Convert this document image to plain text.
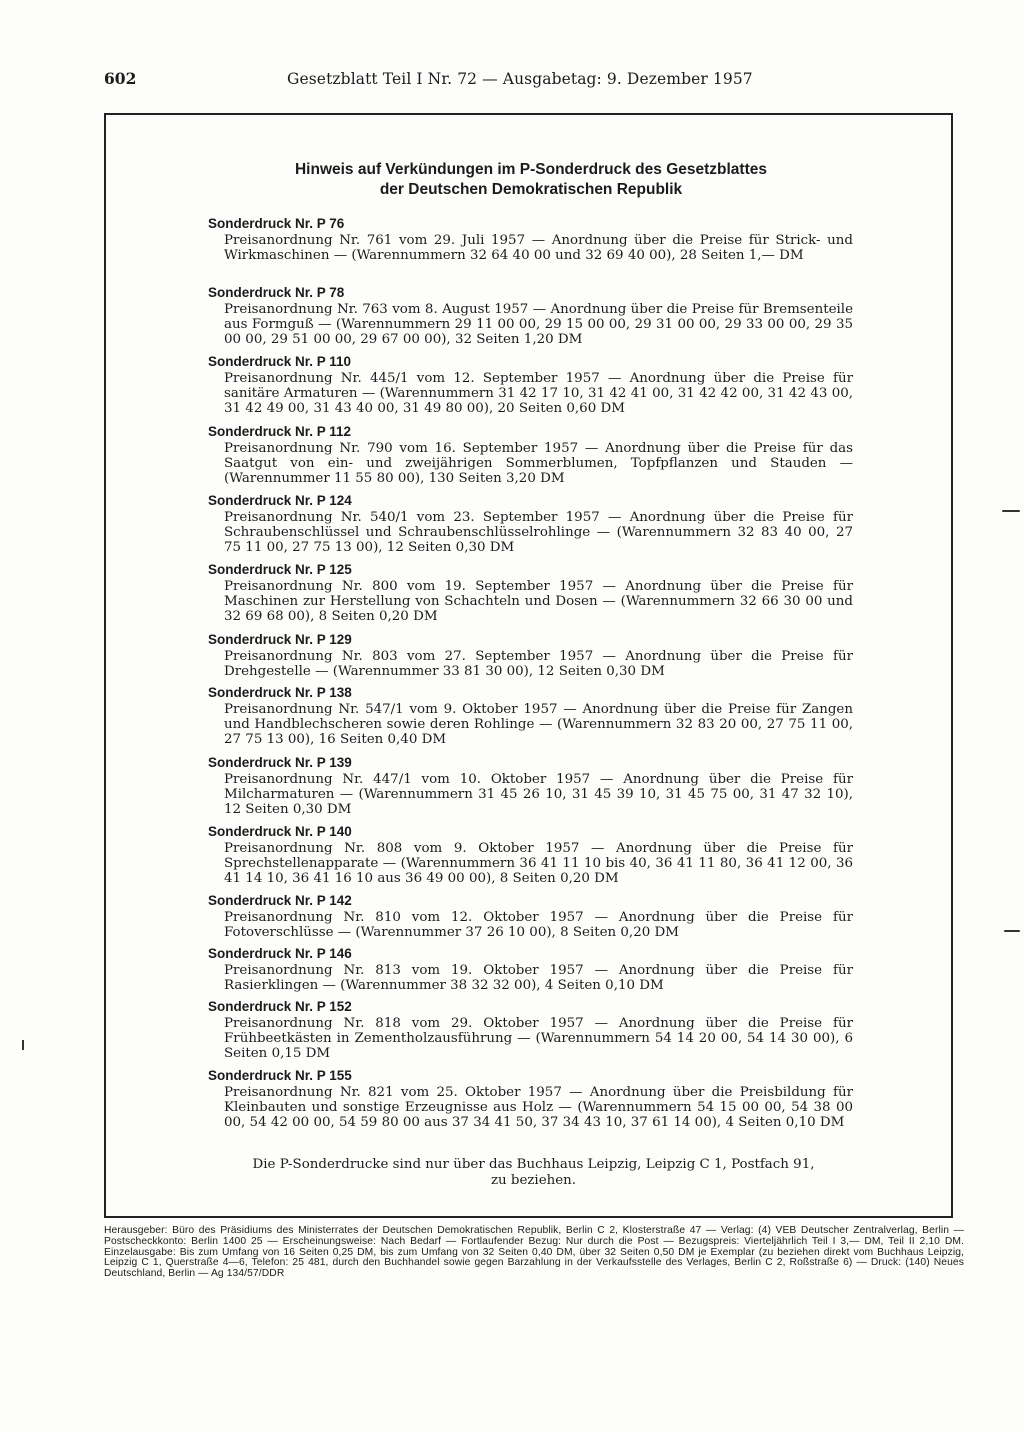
602	Gesetzblatt Teil I Nr. 72 — Ausgabetag: 9. Dezember 1957
Hinweis auf Verkündungen im P-Sonderdruck des Gesetzblattes
der Deutschen Demokratischen Republik
Sonderdruck Nr. P 76
Preisanordnung Nr. 761 vom 29. Juli 1957 — Anordnung über die Preise für Strick- und Wirkmaschinen — (Warennummern 32 64 40 00 und 32 69 40 00), 28 Seiten 1,— DM
Sonderdruck Nr. P 78
Preisanordnung Nr. 763 vom 8. August 1957 — Anordnung über die Preise für Bremsenteile aus Formguß — (Warennummern 29 11 00 00, 29 15 00 00, 29 31 00 00, 29 33 00 00, 29 35 00 00, 29 51 00 00, 29 67 00 00), 32 Seiten 1,20 DM
Sonderdruck Nr. P 110
Preisanordnung Nr. 445/1 vom 12. September 1957 — Anordnung über die Preise für sanitäre Armaturen — (Warennummern 31 42 17 10, 31 42 41 00, 31 42 42 00, 31 42 43 00, 31 42 49 00, 31 43 40 00, 31 49 80 00), 20 Seiten 0,60 DM
Sonderdruck Nr. P 112
Preisanordnung Nr. 790 vom 16. September 1957 — Anordnung über die Preise für das Saatgut von ein- und zweijährigen Sommerblumen, Topfpflanzen und Stauden — (Warennummer 11 55 80 00), 130 Seiten 3,20 DM
Sonderdruck Nr. P 124
Preisanordnung Nr. 540/1 vom 23. September 1957 — Anordnung über die Preise für Schraubenschlüssel und Schraubenschlüsselrohlinge — (Warennummern 32 83 40 00, 27 75 11 00, 27 75 13 00), 12 Seiten 0,30 DM
Sonderdruck Nr. P 125
Preisanordnung Nr. 800 vom 19. September 1957 — Anordnung über die Preise für Maschinen zur Herstellung von Schachteln und Dosen — (Warennummern 32 66 30 00 und 32 69 68 00), 8 Seiten 0,20 DM
Sonderdruck Nr. P 129
Preisanordnung Nr. 803 vom 27. September 1957 — Anordnung über die Preise für Drehgestelle — (Warennummer 33 81 30 00), 12 Seiten 0,30 DM
Sonderdruck Nr. P 138
Preisanordnung Nr. 547/1 vom 9. Oktober 1957 — Anordnung über die Preise für Zangen und Handblechscheren sowie deren Rohlinge — (Warennummern 32 83 20 00, 27 75 11 00, 27 75 13 00), 16 Seiten 0,40 DM
Sonderdruck Nr. P 139
Preisanordnung Nr. 447/1 vom 10. Oktober 1957 — Anordnung über die Preise für Milcharmaturen — (Warennummern 31 45 26 10, 31 45 39 10, 31 45 75 00, 31 47 32 10), 12 Seiten 0,30 DM
Sonderdruck Nr. P 140
Preisanordnung Nr. 808 vom 9. Oktober 1957 — Anordnung über die Preise für Sprechstellenapparate — (Warennummern 36 41 11 10 bis 40, 36 41 11 80, 36 41 12 00, 36 41 14 10, 36 41 16 10 aus 36 49 00 00), 8 Seiten 0,20 DM
Sonderdruck Nr. P 142
Preisanordnung Nr. 810 vom 12. Oktober 1957 — Anordnung über die Preise für Fotoverschlüsse — (Warennummer 37 26 10 00), 8 Seiten 0,20 DM
Sonderdruck Nr. P 146
Preisanordnung Nr. 813 vom 19. Oktober 1957 — Anordnung über die Preise für Rasierklingen — (Warennummer 38 32 32 00), 4 Seiten 0,10 DM
Sonderdruck Nr. P 152
Preisanordnung Nr. 818 vom 29. Oktober 1957 — Anordnung über die Preise für Frühbeetkästen in Zementholzausführung — (Warennummern 54 14 20 00, 54 14 30 00), 6 Seiten 0,15 DM
Sonderdruck Nr. P 155
Preisanordnung Nr. 821 vom 25. Oktober 1957 — Anordnung über die Preisbildung für Kleinbauten und sonstige Erzeugnisse aus Holz — (Warennummern 54 15 00 00, 54 38 00 00, 54 42 00 00, 54 59 80 00 aus 37 34 41 50, 37 34 43 10, 37 61 14 00), 4 Seiten 0,10 DM
Die P-Sonderdrucke sind nur über das Buchhaus Leipzig, Leipzig C 1, Postfach 91,
zu beziehen.
Herausgeber: Büro des Präsidiums des Ministerrates der Deutschen Demokratischen Republik, Berlin C 2, Klosterstraße 47 — Verlag: (4) VEB Deutscher Zentralverlag, Berlin — Postscheckkonto: Berlin 1400 25 — Erscheinungsweise: Nach Bedarf — Fortlaufender Bezug: Nur durch die Post — Bezugspreis: Vierteljährlich Teil I 3,— DM, Teil II 2,10 DM. Einzelausgabe: Bis zum Umfang von 16 Seiten 0,25 DM, bis zum Umfang von 32 Seiten 0,40 DM, über 32 Seiten 0,50 DM je Exemplar (zu beziehen direkt vom Buchhaus Leipzig, Leipzig C 1, Querstraße 4—6, Telefon: 25 481, durch den Buchhandel sowie gegen Barzahlung in der Verkaufsstelle des Verlages, Berlin C 2, Roßstraße 6) — Druck: (140) Neues Deutschland, Berlin — Ag 134/57/DDR
